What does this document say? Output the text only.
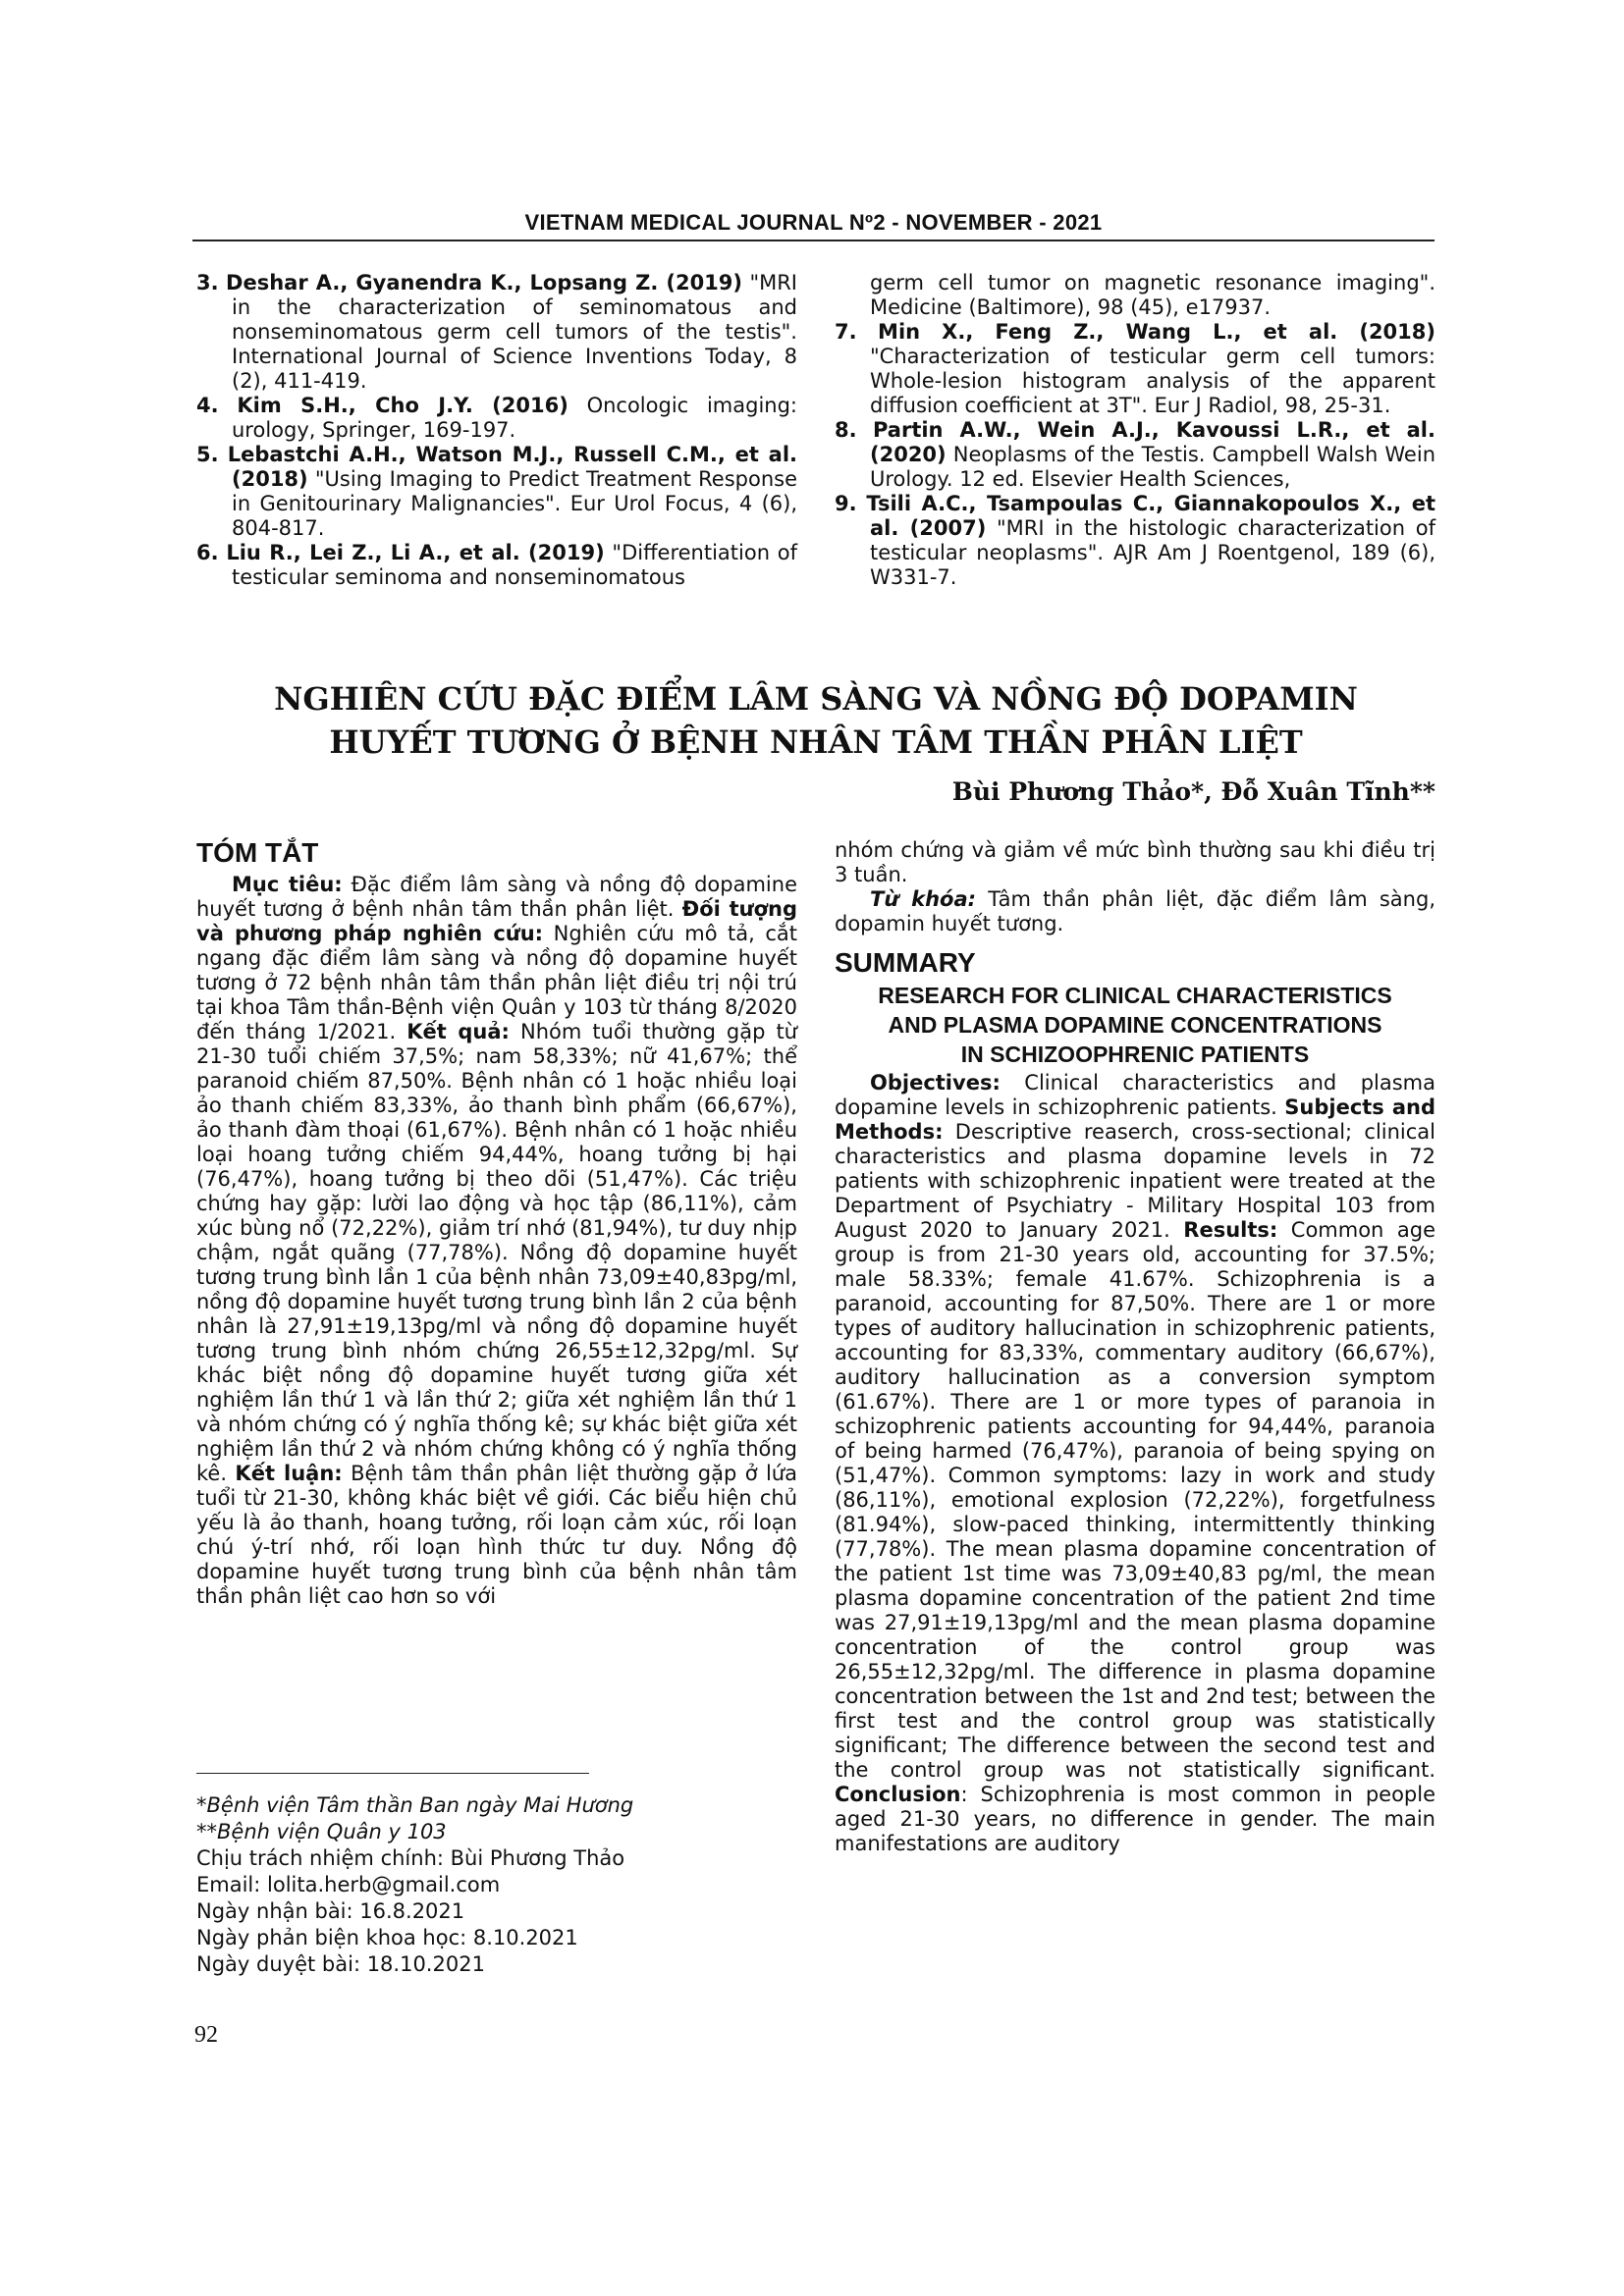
VIETNAM MEDICAL JOURNAL Nº2 - NOVEMBER - 2021

3. Deshar A., Gyanendra K., Lopsang Z. (2019) "MRI in the characterization of seminomatous and nonseminomatous germ cell tumors of the testis". International Journal of Science Inventions Today, 8 (2), 411-419.

4. Kim S.H., Cho J.Y. (2016) Oncologic imaging: urology, Springer, 169-197.

5. Lebastchi A.H., Watson M.J., Russell C.M., et al. (2018) "Using Imaging to Predict Treatment Response in Genitourinary Malignancies". Eur Urol Focus, 4 (6), 804-817.

6. Liu R., Lei Z., Li A., et al. (2019) "Differentiation of testicular seminoma and nonseminomatous

germ cell tumor on magnetic resonance imaging". Medicine (Baltimore), 98 (45), e17937.

7. Min X., Feng Z., Wang L., et al. (2018) "Characterization of testicular germ cell tumors: Whole-lesion histogram analysis of the apparent diffusion coefficient at 3T". Eur J Radiol, 98, 25-31.

8. Partin A.W., Wein A.J., Kavoussi L.R., et al. (2020) Neoplasms of the Testis. Campbell Walsh Wein Urology. 12 ed. Elsevier Health Sciences,

9. Tsili A.C., Tsampoulas C., Giannakopoulos X., et al. (2007) "MRI in the histologic characterization of testicular neoplasms". AJR Am J Roentgenol, 189 (6), W331-7.

NGHIÊN CỨU ĐẶC ĐIỂM LÂM SÀNG VÀ NỒNG ĐỘ DOPAMIN
HUYẾT TƯƠNG Ở BỆNH NHÂN TÂM THẦN PHÂN LIỆT
Bùi Phương Thảo*, Đỗ Xuân Tĩnh**
TÓM TẮT

Mục tiêu: Đặc điểm lâm sàng và nồng độ dopamine huyết tương ở bệnh nhân tâm thần phân liệt. Đối tượng và phương pháp nghiên cứu: Nghiên cứu mô tả, cắt ngang đặc điểm lâm sàng và nồng độ dopamine huyết tương ở 72 bệnh nhân tâm thần phân liệt điều trị nội trú tại khoa Tâm thần-Bệnh viện Quân y 103 từ tháng 8/2020 đến tháng 1/2021. Kết quả: Nhóm tuổi thường gặp từ 21-30 tuổi chiếm 37,5%; nam 58,33%; nữ 41,67%; thể paranoid chiếm 87,50%. Bệnh nhân có 1 hoặc nhiều loại ảo thanh chiếm 83,33%, ảo thanh bình phẩm (66,67%), ảo thanh đàm thoại (61,67%). Bệnh nhân có 1 hoặc nhiều loại hoang tưởng chiếm 94,44%, hoang tưởng bị hại (76,47%), hoang tưởng bị theo dõi (51,47%). Các triệu chứng hay gặp: lười lao động và học tập (86,11%), cảm xúc bùng nổ (72,22%), giảm trí nhớ (81,94%), tư duy nhịp chậm, ngắt quãng (77,78%). Nồng độ dopamine huyết tương trung bình lần 1 của bệnh nhân 73,09±40,83pg/ml, nồng độ dopamine huyết tương trung bình lần 2 của bệnh nhân là 27,91±19,13pg/ml và nồng độ dopamine huyết tương trung bình nhóm chứng 26,55±12,32pg/ml. Sự khác biệt nồng độ dopamine huyết tương giữa xét nghiệm lần thứ 1 và lần thứ 2; giữa xét nghiệm lần thứ 1 và nhóm chứng có ý nghĩa thống kê; sự khác biệt giữa xét nghiệm lần thứ 2 và nhóm chứng không có ý nghĩa thống kê. Kết luận: Bệnh tâm thần phân liệt thường gặp ở lứa tuổi từ 21-30, không khác biệt về giới. Các biểu hiện chủ yếu là ảo thanh, hoang tưởng, rối loạn cảm xúc, rối loạn chú ý-trí nhớ, rối loạn hình thức tư duy. Nồng độ dopamine huyết tương trung bình của bệnh nhân tâm thần phân liệt cao hơn so với

nhóm chứng và giảm về mức bình thường sau khi điều trị 3 tuần.

Từ khóa: Tâm thần phân liệt, đặc điểm lâm sàng, dopamin huyết tương.

SUMMARY
RESEARCH FOR CLINICAL CHARACTERISTICS
AND PLASMA DOPAMINE CONCENTRATIONS
IN SCHIZOOPHRENIC PATIENTS

Objectives: Clinical characteristics and plasma dopamine levels in schizophrenic patients. Subjects and Methods: Descriptive reaserch, cross-sectional; clinical characteristics and plasma dopamine levels in 72 patients with schizophrenic inpatient were treated at the Department of Psychiatry - Military Hospital 103 from August 2020 to January 2021. Results: Common age group is from 21-30 years old, accounting for 37.5%; male 58.33%; female 41.67%. Schizophrenia is a paranoid, accounting for 87,50%. There are 1 or more types of auditory hallucination in schizophrenic patients, accounting for 83,33%, commentary auditory (66,67%), auditory hallucination as a conversion symptom (61.67%). There are 1 or more types of paranoia in schizophrenic patients accounting for 94,44%, paranoia of being harmed (76,47%), paranoia of being spying on (51,47%). Common symptoms: lazy in work and study (86,11%), emotional explosion (72,22%), forgetfulness (81.94%), slow-paced thinking, intermittently thinking (77,78%). The mean plasma dopamine concentration of the patient 1st time was 73,09±40,83 pg/ml, the mean plasma dopamine concentration of the patient 2nd time was 27,91±19,13pg/ml and the mean plasma dopamine concentration of the control group was 26,55±12,32pg/ml. The difference in plasma dopamine concentration between the 1st and 2nd test; between the first test and the control group was statistically significant; The difference between the second test and the control group was not statistically significant. Conclusion: Schizophrenia is most common in people aged 21-30 years, no difference in gender. The main manifestations are auditory

*Bệnh viện Tâm thần Ban ngày Mai Hương
**Bệnh viện Quân y 103
Chịu trách nhiệm chính: Bùi Phương Thảo
Email: lolita.herb@gmail.com
Ngày nhận bài: 16.8.2021
Ngày phản biện khoa học: 8.10.2021
Ngày duyệt bài: 18.10.2021
92
